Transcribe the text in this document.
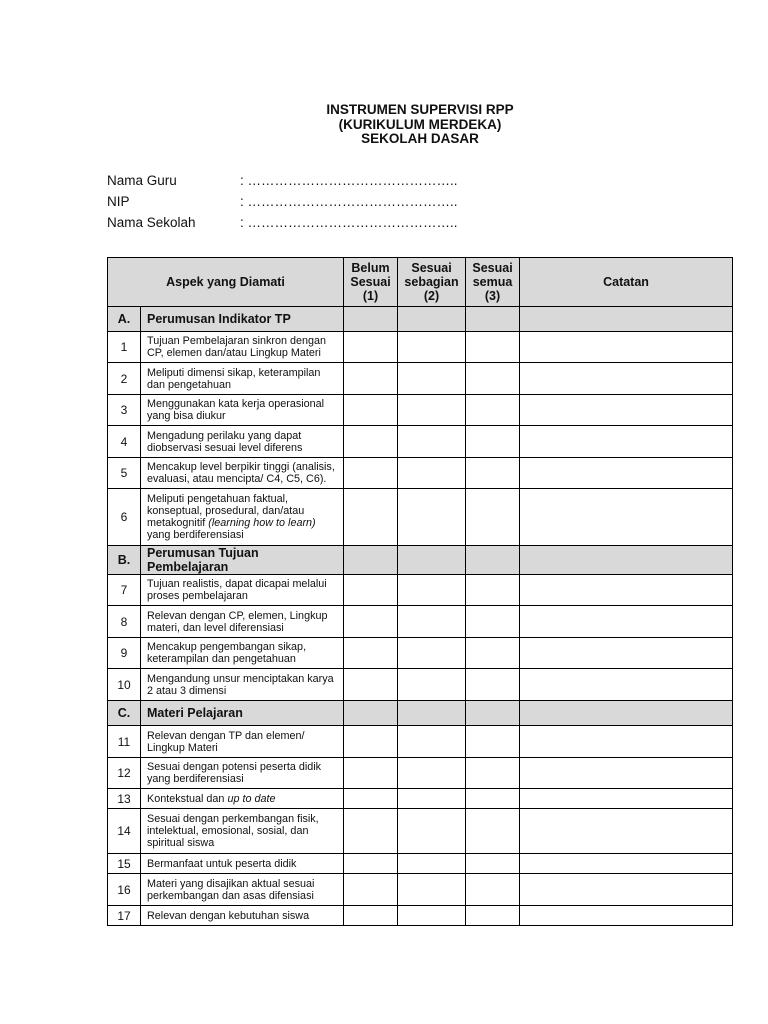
INSTRUMEN SUPERVISI RPP
(KURIKULUM MERDEKA)
SEKOLAH DASAR
Nama Guru	: ………………………………………..
NIP	: ………………………………………..
Nama Sekolah	: ………………………………………..
Aspek yang Diamati		Belum
Sesuai
(1)	Sesuai
sebagian
(2)	Sesuai
semua
(3)	Catatan
A.	Perumusan Indikator TP				
1	Tujuan Pembelajaran sinkron dengan CP, elemen dan/atau Lingkup Materi				
2	Meliputi dimensi sikap, keterampilan dan pengetahuan				
3	Menggunakan kata kerja operasional yang bisa diukur				
4	Mengadung perilaku yang dapat diobservasi sesuai level diferens				
5	Mencakup level berpikir tinggi (analisis, evaluasi, atau mencipta/ C4, C5, C6).				
6	Meliputi pengetahuan faktual, konseptual, prosedural, dan/atau metakognitif (learning how to learn) yang berdiferensiasi				
B.	Perumusan Tujuan Pembelajaran				
7	Tujuan realistis, dapat dicapai melalui proses pembelajaran				
8	Relevan dengan CP, elemen, Lingkup materi, dan level diferensiasi				
9	Mencakup pengembangan sikap, keterampilan dan pengetahuan				
10	Mengandung unsur menciptakan karya 2 atau 3 dimensi				
C.	Materi Pelajaran				
11	Relevan dengan TP dan elemen/ Lingkup Materi				
12	Sesuai dengan potensi peserta didik yang berdiferensiasi				
13	Kontekstual dan up to date				
14	Sesuai dengan perkembangan fisik, intelektual, emosional, sosial, dan spiritual siswa				
15	Bermanfaat untuk peserta didik				
16	Materi yang disajikan aktual sesuai perkembangan dan asas difensiasi				
17	Relevan dengan kebutuhan siswa				
